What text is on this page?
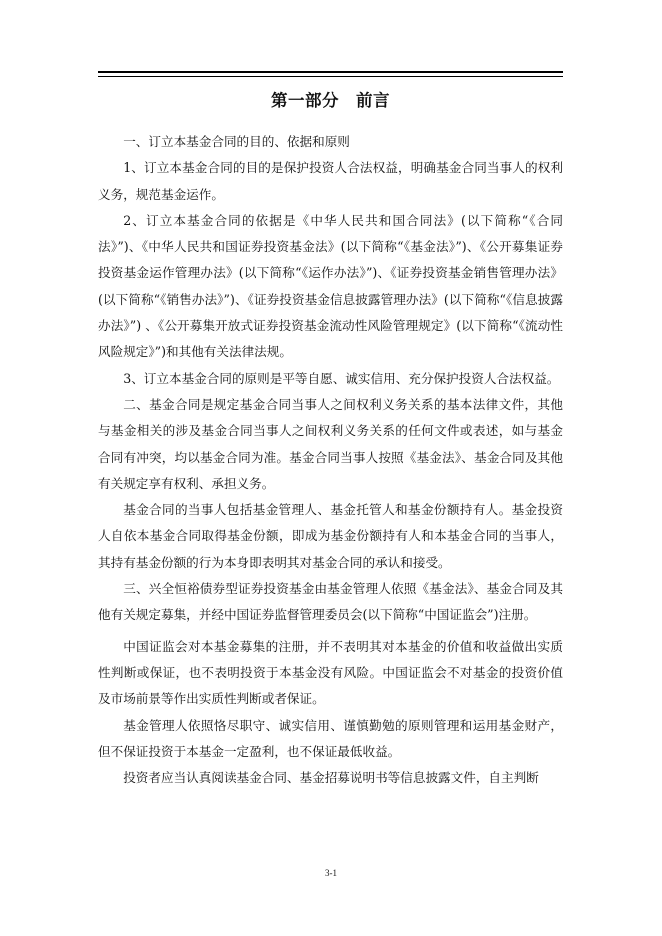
第一部分　前言

一、订立本基金合同的目的、依据和原则

1、订立本基金合同的目的是保护投资人合法权益，明确基金合同当事人的权利义务，规范基金运作。

2、订立本基金合同的依据是《中华人民共和国合同法》(以下简称“《合同法》”)、《中华人民共和国证券投资基金法》(以下简称“《基金法》”)、《公开募集证券投资基金运作管理办法》(以下简称“《运作办法》”)、《证券投资基金销售管理办法》(以下简称“《销售办法》”)、《证券投资基金信息披露管理办法》(以下简称“《信息披露办法》”) 、《公开募集开放式证券投资基金流动性风险管理规定》(以下简称“《流动性风险规定》”)和其他有关法律法规。

3、订立本基金合同的原则是平等自愿、诚实信用、充分保护投资人合法权益。

二、基金合同是规定基金合同当事人之间权利义务关系的基本法律文件，其他与基金相关的涉及基金合同当事人之间权利义务关系的任何文件或表述，如与基金合同有冲突，均以基金合同为准。基金合同当事人按照《基金法》、基金合同及其他有关规定享有权利、承担义务。

基金合同的当事人包括基金管理人、基金托管人和基金份额持有人。基金投资人自依本基金合同取得基金份额，即成为基金份额持有人和本基金合同的当事人，其持有基金份额的行为本身即表明其对基金合同的承认和接受。

三、兴全恒裕债券型证券投资基金由基金管理人依照《基金法》、基金合同及其他有关规定募集，并经中国证券监督管理委员会(以下简称“中国证监会”)注册。

中国证监会对本基金募集的注册，并不表明其对本基金的价值和收益做出实质性判断或保证，也不表明投资于本基金没有风险。中国证监会不对基金的投资价值及市场前景等作出实质性判断或者保证。

基金管理人依照恪尽职守、诚实信用、谨慎勤勉的原则管理和运用基金财产，但不保证投资于本基金一定盈利，也不保证最低收益。

投资者应当认真阅读基金合同、基金招募说明书等信息披露文件，自主判断

3-1
